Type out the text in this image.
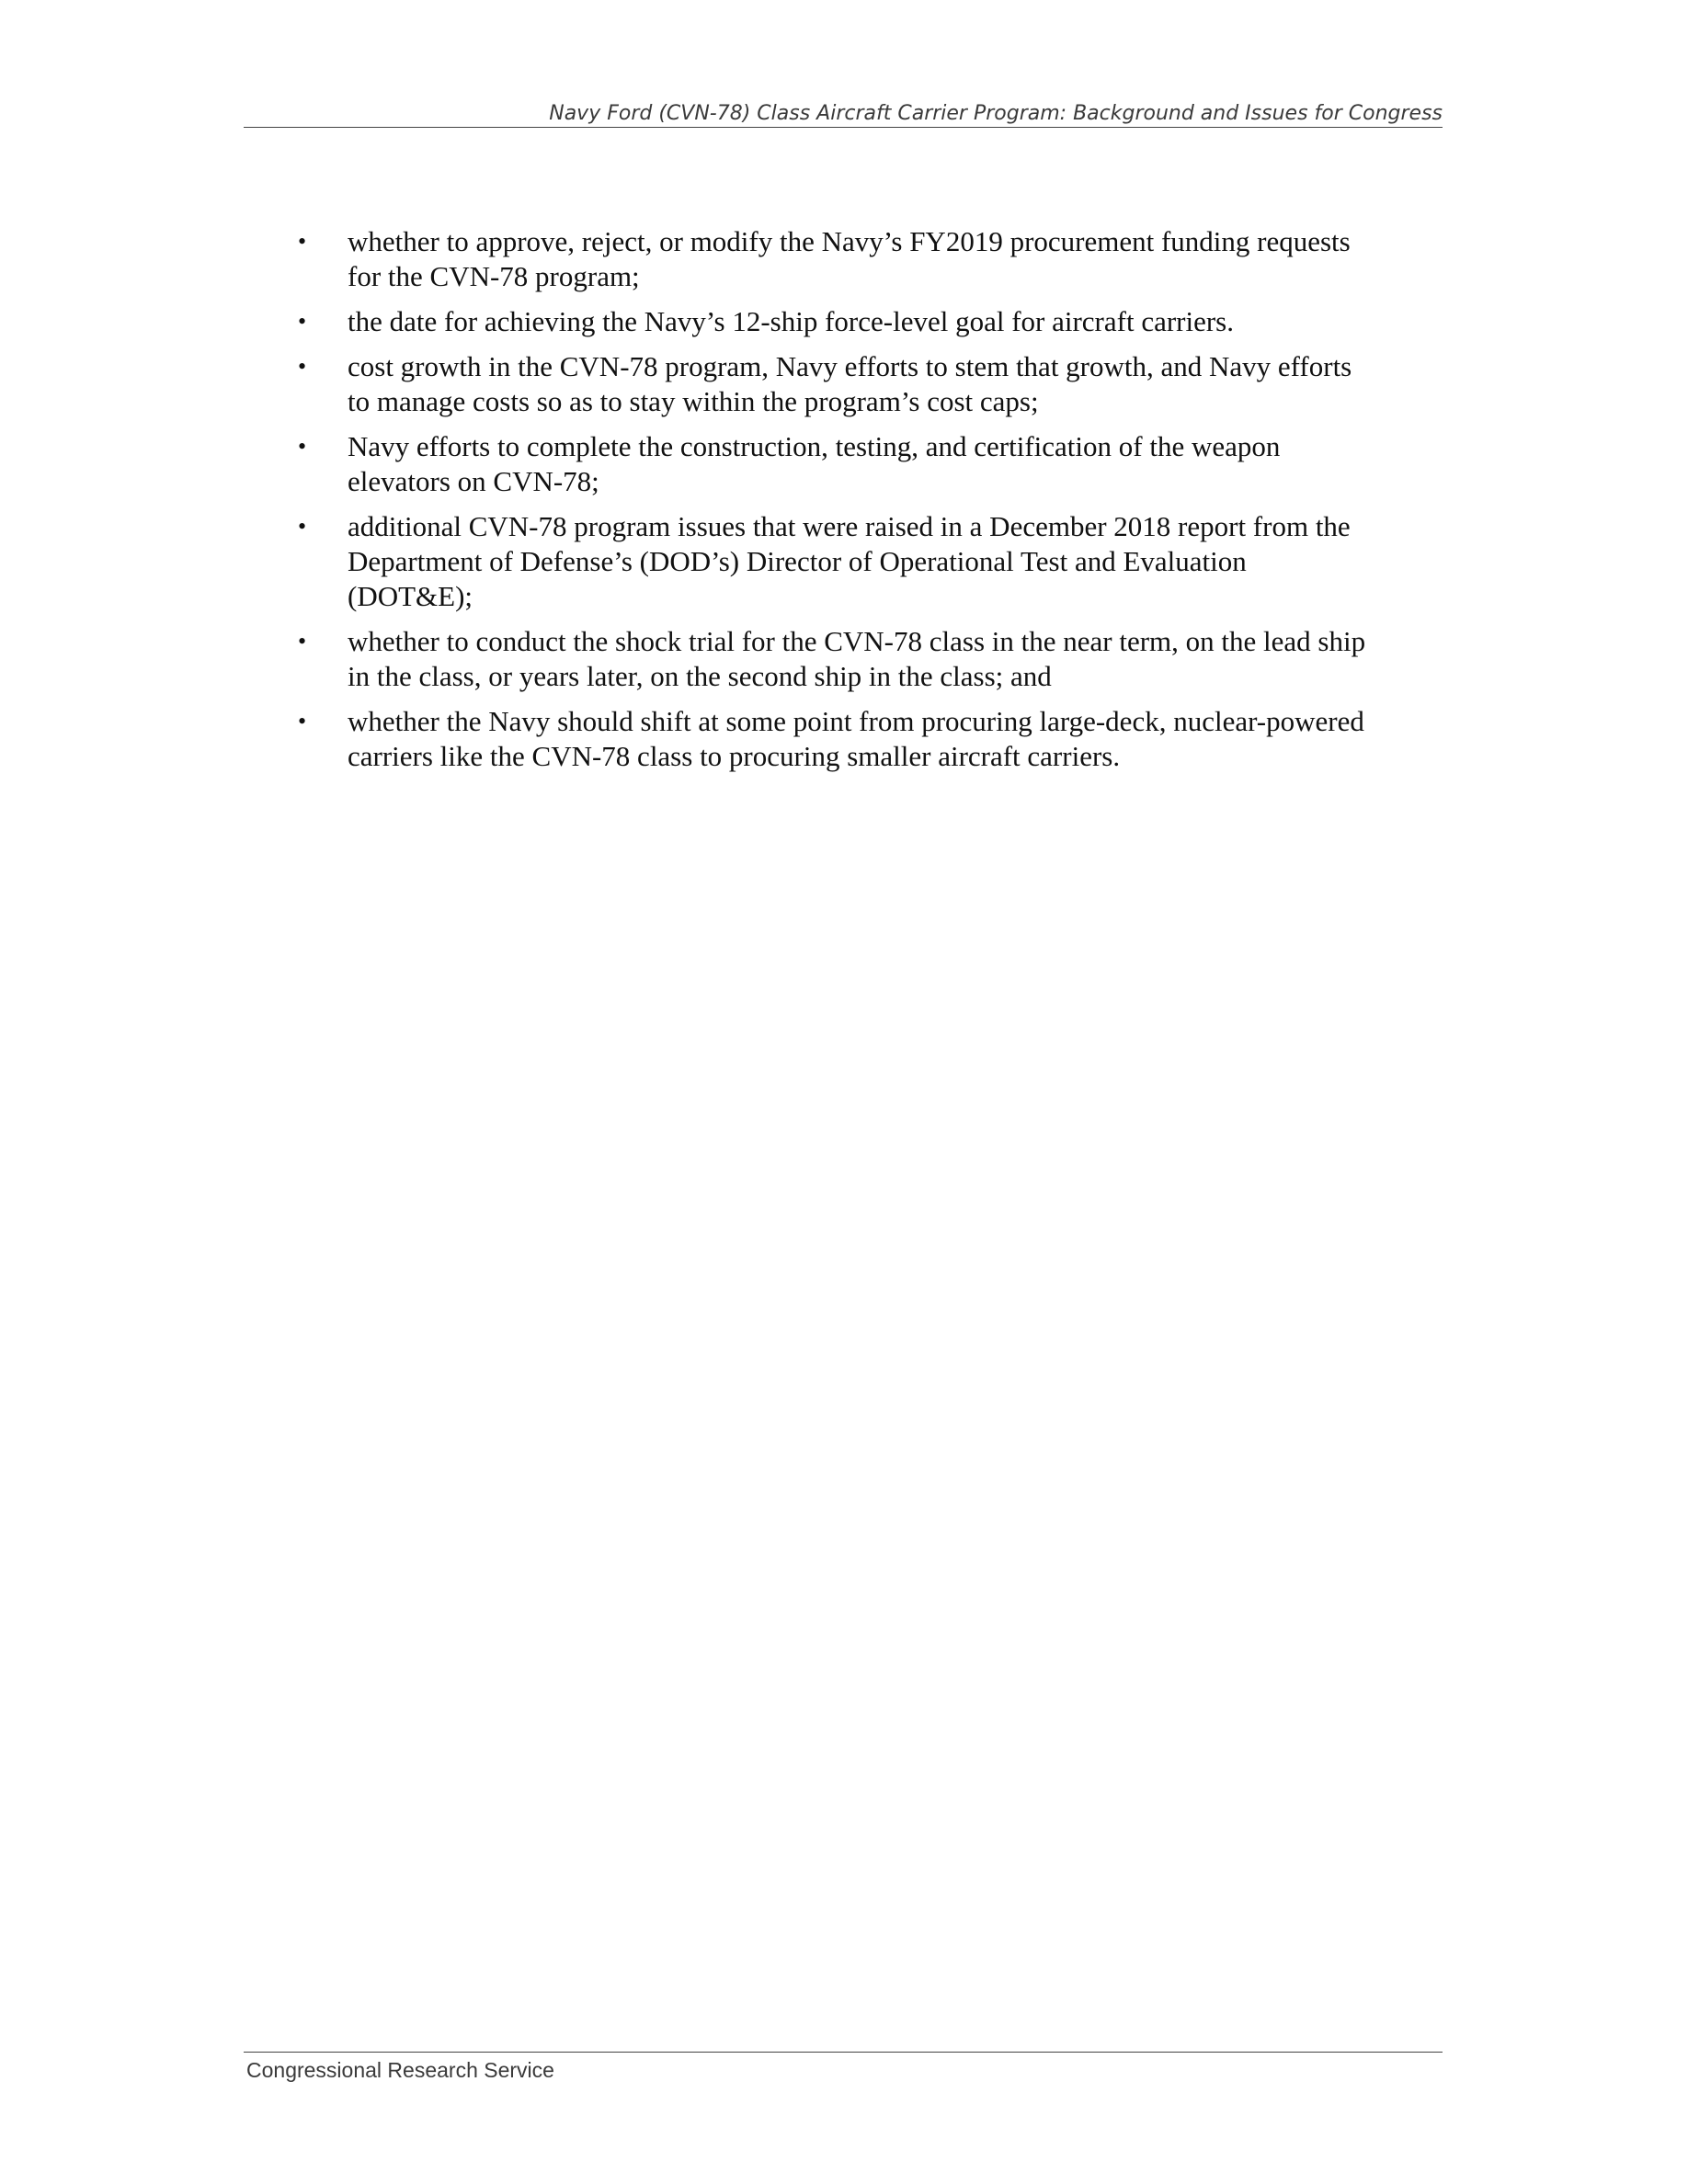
Navy Ford (CVN-78) Class Aircraft Carrier Program: Background and Issues for Congress
• whether to approve, reject, or modify the Navy’s FY2019 procurement funding requests for the CVN-78 program;
• the date for achieving the Navy’s 12-ship force-level goal for aircraft carriers.
• cost growth in the CVN-78 program, Navy efforts to stem that growth, and Navy efforts to manage costs so as to stay within the program’s cost caps;
• Navy efforts to complete the construction, testing, and certification of the weapon elevators on CVN-78;
• additional CVN-78 program issues that were raised in a December 2018 report from the Department of Defense’s (DOD’s) Director of Operational Test and Evaluation (DOT&E);
• whether to conduct the shock trial for the CVN-78 class in the near term, on the lead ship in the class, or years later, on the second ship in the class; and
• whether the Navy should shift at some point from procuring large-deck, nuclear-powered carriers like the CVN-78 class to procuring smaller aircraft carriers.
Congressional Research Service
